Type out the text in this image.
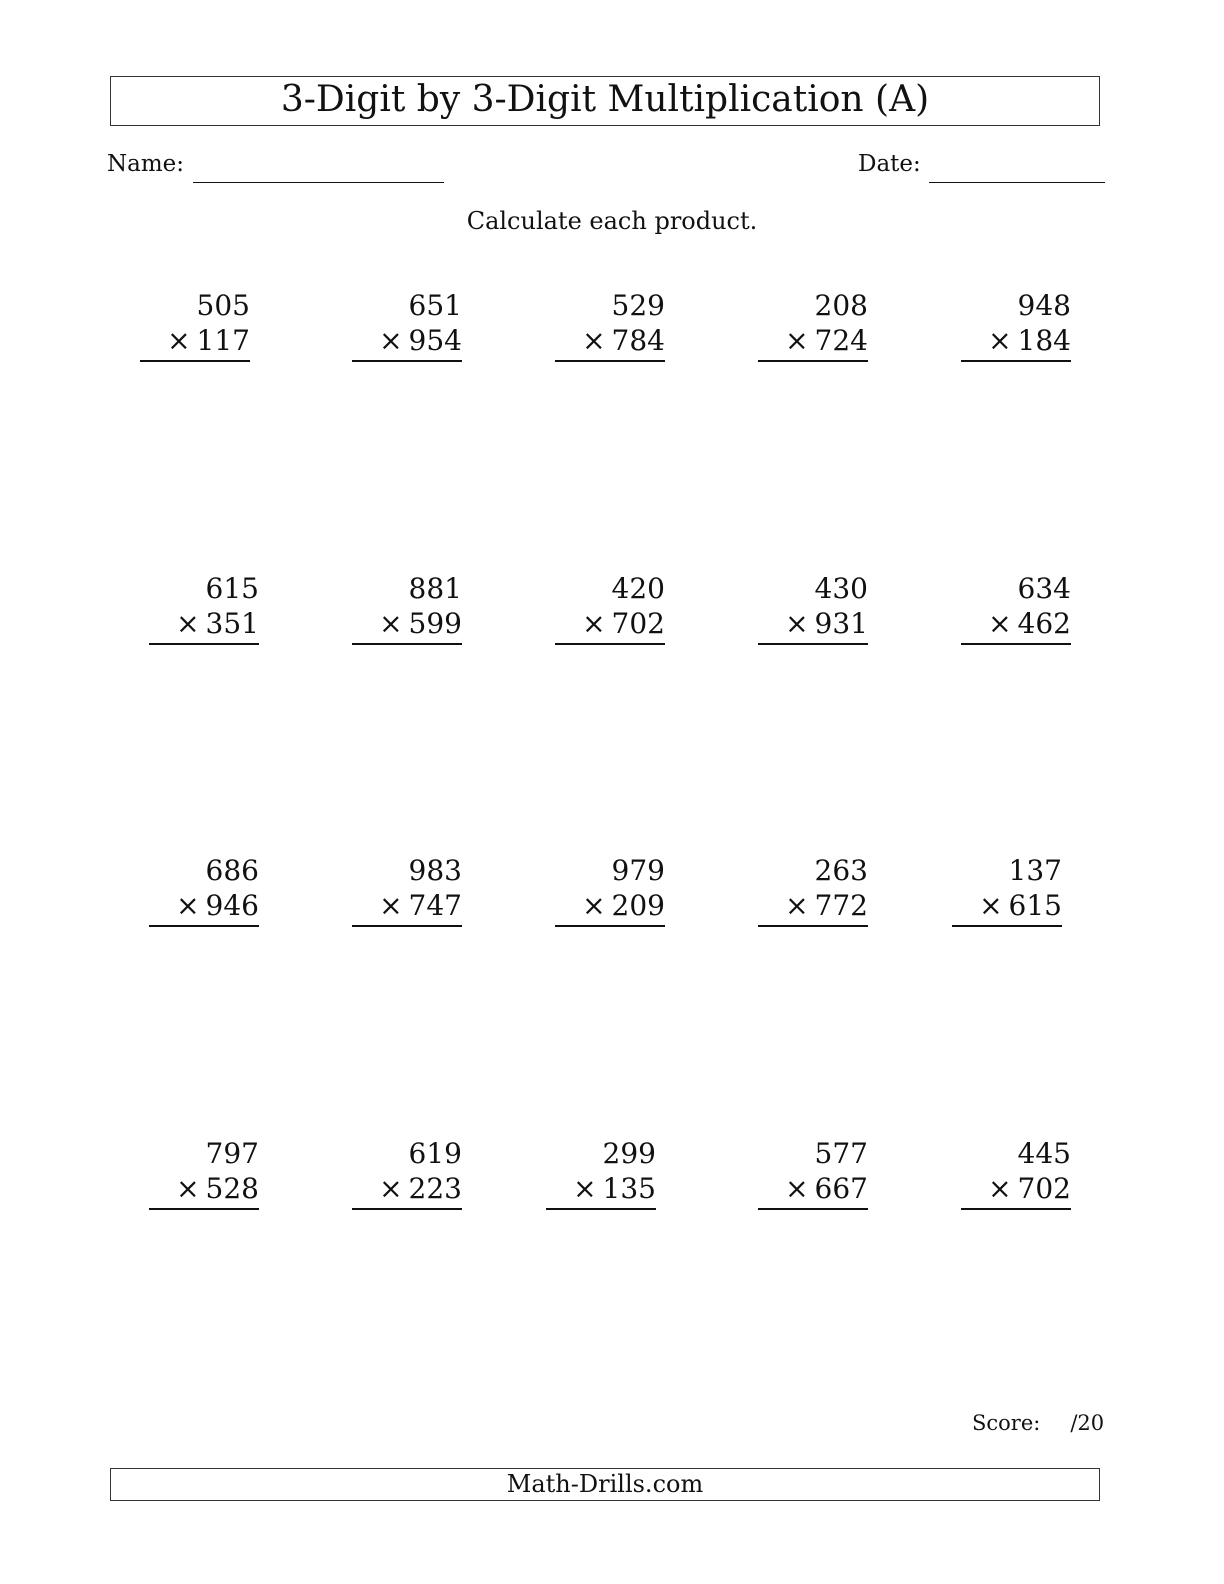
3-Digit by 3-Digit Multiplication (A)
Name:	Date:
Calculate each product.
505
× 117
651
× 954
529
× 784
208
× 724
948
× 184
615
× 351
881
× 599
420
× 702
430
× 931
634
× 462
686
× 946
983
× 747
979
× 209
263
× 772
137
× 615
797
× 528
619
× 223
299
× 135
577
× 667
445
× 702
Score: /20
Math-Drills.com
